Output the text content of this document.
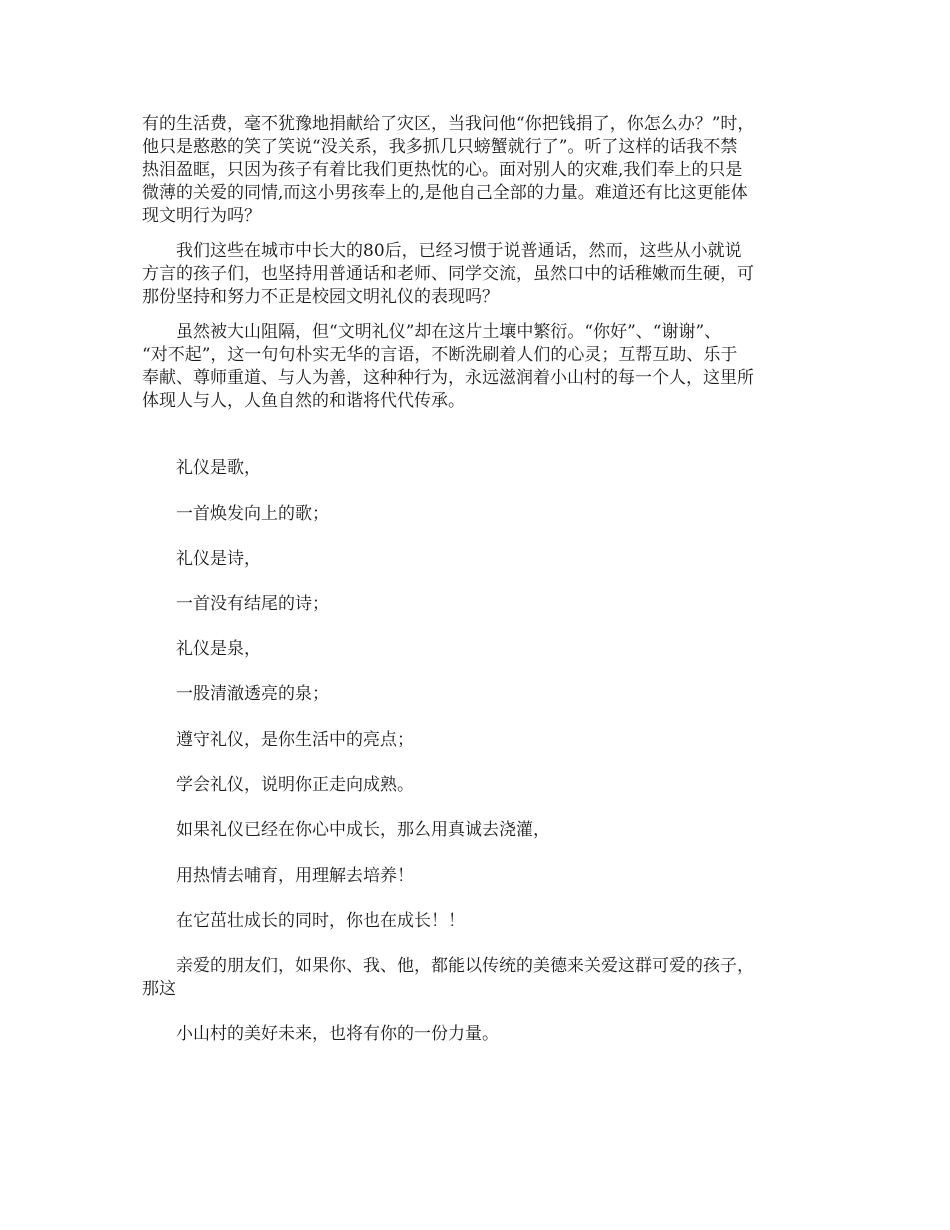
有的生活费，毫不犹豫地捐献给了灾区，当我问他“你把钱捐了，你怎么办？”时，
他只是憨憨的笑了笑说“没关系，我多抓几只螃蟹就行了”。听了这样的话我不禁
热泪盈眶，只因为孩子有着比我们更热忱的心。面对别人的灾难,我们奉上的只是
微薄的关爱的同情,而这小男孩奉上的,是他自己全部的力量。难道还有比这更能体
现文明行为吗？

　　我们这些在城市中长大的80后，已经习惯于说普通话，然而，这些从小就说
方言的孩子们，也坚持用普通话和老师、同学交流，虽然口中的话稚嫩而生硬，可
那份坚持和努力不正是校园文明礼仪的表现吗？

　　虽然被大山阻隔，但“文明礼仪”却在这片土壤中繁衍。“你好”、“谢谢”、
“对不起”，这一句句朴实无华的言语，不断洗刷着人们的心灵；互帮互助、乐于
奉献、尊师重道、与人为善，这种种行为，永远滋润着小山村的每一个人，这里所
体现人与人，人鱼自然的和谐将代代传承。

　　礼仪是歌，

　　一首焕发向上的歌；

　　礼仪是诗，

　　一首没有结尾的诗；

　　礼仪是泉，

　　一股清澈透亮的泉；

　　遵守礼仪，是你生活中的亮点；

　　学会礼仪，说明你正走向成熟。

　　如果礼仪已经在你心中成长，那么用真诚去浇灌，

　　用热情去哺育，用理解去培养！

　　在它茁壮成长的同时，你也在成长！！

　　亲爱的朋友们，如果你、我、他，都能以传统的美德来关爱这群可爱的孩子，
那这

　　小山村的美好未来，也将有你的一份力量。
